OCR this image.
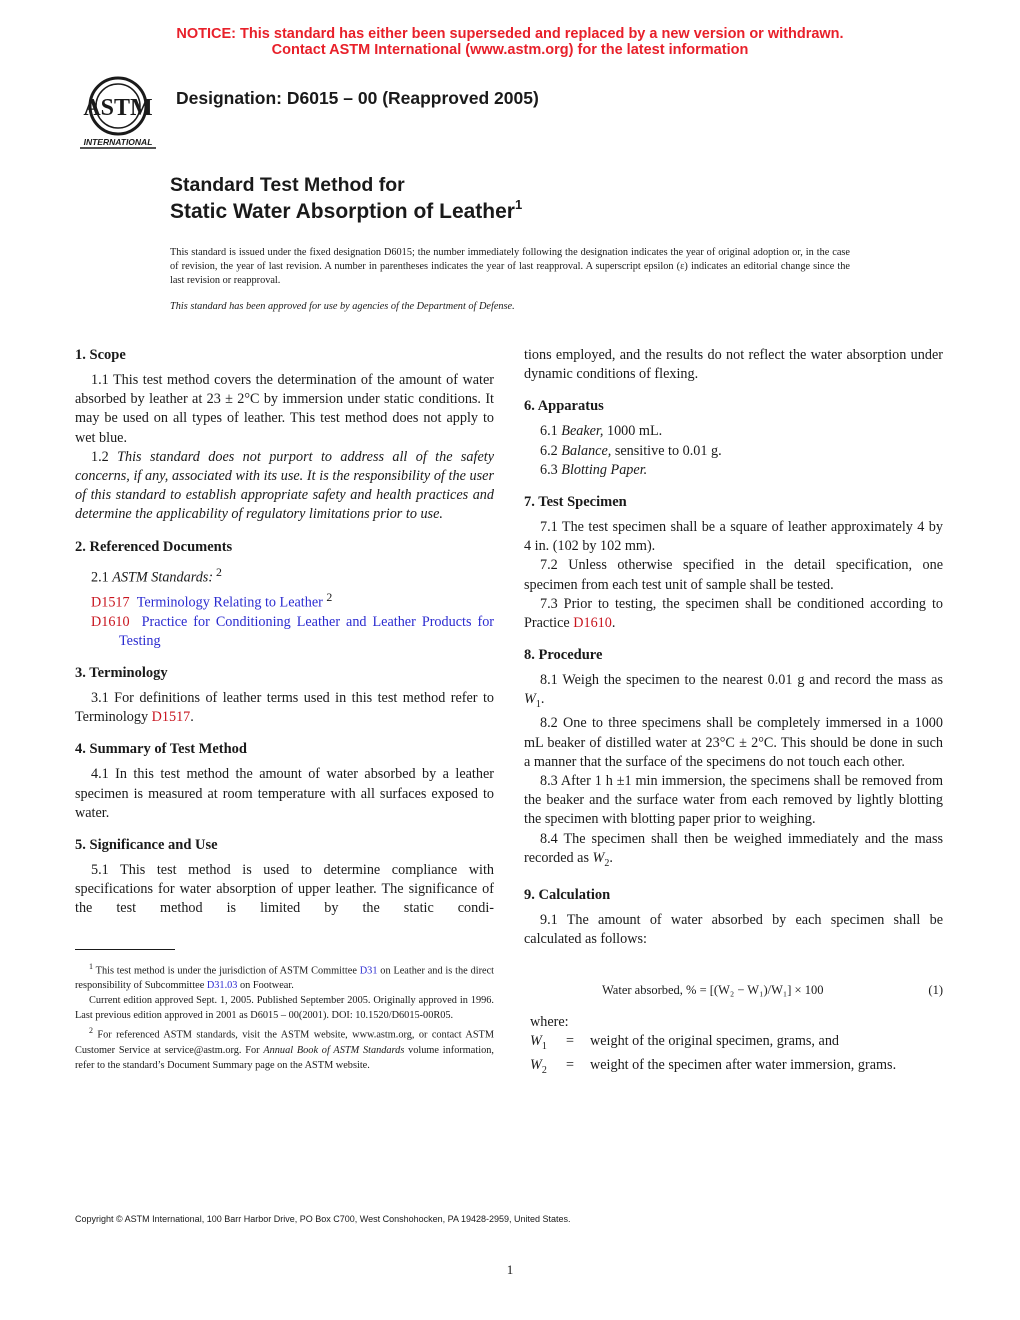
NOTICE: This standard has either been superseded and replaced by a new version or withdrawn.
Contact ASTM International (www.astm.org) for the latest information
ASTM
INTERNATIONAL
Designation: D6015 – 00 (Reapproved 2005)
Standard Test Method for
Static Water Absorption of Leather$^1$
This standard is issued under the fixed designation D6015; the number immediately following the designation indicates the year of original adoption or, in the case of revision, the year of last revision. A number in parentheses indicates the year of last reapproval. A superscript epsilon (ε) indicates an editorial change since the last revision or reapproval.
This standard has been approved for use by agencies of the Department of Defense.
1. Scope

1.1 This test method covers the determination of the amount of water absorbed by leather at 23 ± 2°C by immersion under static conditions. It may be used on all types of leather. This test method does not apply to wet blue.

1.2 This standard does not purport to address all of the safety concerns, if any, associated with its use. It is the responsibility of the user of this standard to establish appropriate safety and health practices and determine the applicability of regulatory limitations prior to use.

2. Referenced Documents

2.1 ASTM Standards: $^2$

D1517 Terminology Relating to Leather $^2$

D1610 Practice for Conditioning Leather and Leather Products for Testing

3. Terminology

3.1 For definitions of leather terms used in this test method refer to Terminology D1517.

4. Summary of Test Method

4.1 In this test method the amount of water absorbed by a leather specimen is measured at room temperature with all surfaces exposed to water.

5. Significance and Use

5.1 This test method is used to determine compliance with specifications for water absorption of upper leather. The significance of the test method is limited by the static condi-

$^1$ This test method is under the jurisdiction of ASTM Committee D31 on Leather and is the direct responsibility of Subcommittee D31.03 on Footwear.

Current edition approved Sept. 1, 2005. Published September 2005. Originally approved in 1996. Last previous edition approved in 2001 as D6015 – 00(2001). DOI: 10.1520/D6015-00R05.

$^2$ For referenced ASTM standards, visit the ASTM website, www.astm.org, or contact ASTM Customer Service at service@astm.org. For Annual Book of ASTM Standards volume information, refer to the standard’s Document Summary page on the ASTM website.

tions employed, and the results do not reflect the water absorption under dynamic conditions of flexing.

6. Apparatus

6.1 Beaker, 1000 mL.

6.2 Balance, sensitive to 0.01 g.

6.3 Blotting Paper.

7. Test Specimen

7.1 The test specimen shall be a square of leather approximately 4 by 4 in. (102 by 102 mm).

7.2 Unless otherwise specified in the detail specification, one specimen from each test unit of sample shall be tested.

7.3 Prior to testing, the specimen shall be conditioned according to Practice D1610.

8. Procedure

8.1 Weigh the specimen to the nearest 0.01 g and record the mass as $W_1$.

8.2 One to three specimens shall be completely immersed in a 1000 mL beaker of distilled water at 23°C ± 2°C. This should be done in such a manner that the surface of the specimens do not touch each other.

8.3 After 1 h ±1 min immersion, the specimens shall be removed from the beaker and the surface water from each removed by lightly blotting the specimen with blotting paper prior to weighing.

8.4 The specimen shall then be weighed immediately and the mass recorded as $W_2$.

9. Calculation

9.1 The amount of water absorbed by each specimen shall be calculated as follows:

Water absorbed, % = [(W₂ − W₁)/W₁] × 100	(1)
where:
$W_1$	=	weight of the original specimen, grams, and
$W_2$	=	weight of the specimen after water immersion, grams.
Copyright © ASTM International, 100 Barr Harbor Drive, PO Box C700, West Conshohocken, PA 19428-2959, United States.
1
